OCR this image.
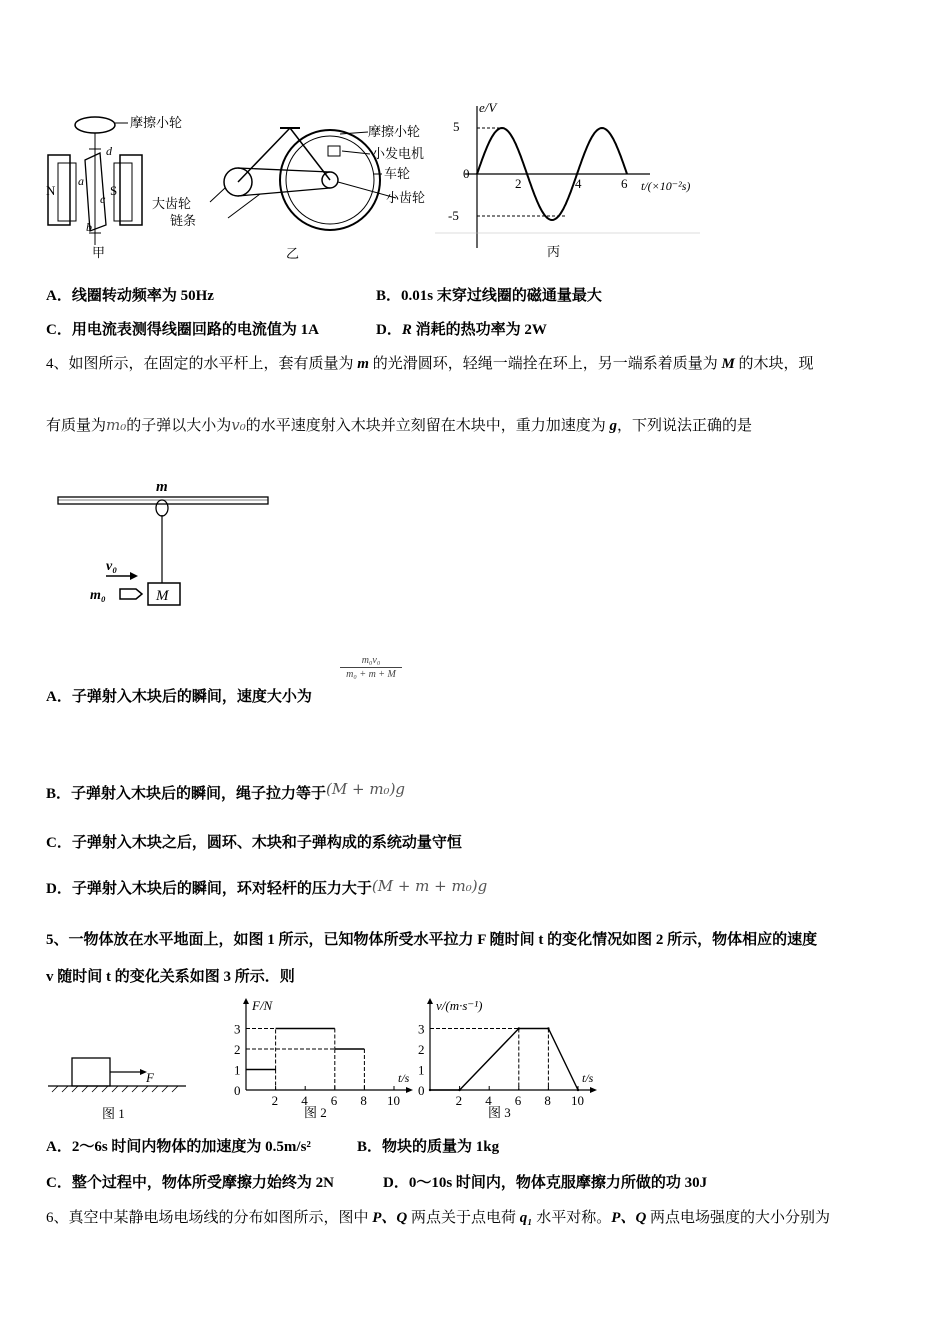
N	S
a
b
c
d
摩擦小轮
甲
摩擦小轮
小发电机
车轮
小齿轮
大齿轮
链条
乙
e/V
t/(×10⁻²s)
5
0
-5
2	4	6
丙
A．线圈转动频率为 50Hz	B．0.01s 末穿过线圈的磁通量最大
C．用电流表测得线圈回路的电流值为 1A	D．R 消耗的热功率为 2W
4、如图所示，在固定的水平杆上，套有质量为 m 的光滑圆环，轻绳一端拴在环上，另一端系着质量为 M 的木块，现
有质量为m₀的子弹以大小为v₀的水平速度射入木块并立刻留在木块中，重力加速度为 g，下列说法正确的是
M
m
v₀
m₀
$\frac{\text{m₀v₀}}{\text{m₀ + m + M}}$
A．子弹射入木块后的瞬间，速度大小为
B．子弹射入木块后的瞬间，绳子拉力等于(M + m₀)g
C．子弹射入木块之后，圆环、木块和子弹构成的系统动量守恒
D．子弹射入木块后的瞬间，环对轻杆的压力大于(M + m + m₀)g
5、一物体放在水平地面上，如图 1 所示，已知物体所受水平拉力 F 随时间 t 的变化情况如图 2 所示，物体相应的速度
v 随时间 t 的变化关系如图 3 所示．则
F
图 1
3
2
1
0
2 4 6 8 10
F/N
t/s
图 2
3
2
1
0
2 4 6 8 10
v/(m·s⁻¹)
t/s
图 3
A．2～6s 时间内物体的加速度为 0.5m/s²	B．物块的质量为 1kg
C．整个过程中，物体所受摩擦力始终为 2N	D．0～10s 时间内，物体克服摩擦力所做的功 30J
6、真空中某静电场电场线的分布如图所示，图中 P、Q 两点关于点电荷 q₁ 水平对称。P、Q 两点电场强度的大小分别为
